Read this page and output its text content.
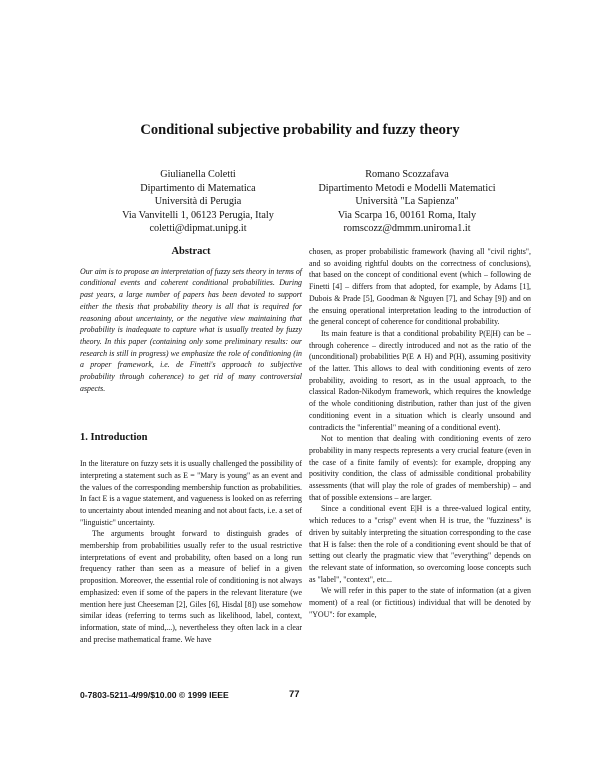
Conditional subjective probability and fuzzy theory
Giulianella Coletti
Dipartimento di Matematica
Università di Perugia
Via Vanvitelli 1, 06123 Perugia, Italy
coletti@dipmat.unipg.it
Romano Scozzafava
Dipartimento Metodi e Modelli Matematici
Università "La Sapienza"
Via Scarpa 16, 00161 Roma, Italy
romscozz@dmmm.uniroma1.it
Abstract

Our aim is to propose an interpretation of fuzzy sets theory in terms of conditional events and coherent conditional probabilities. During past years, a large number of papers has been devoted to support either the thesis that probability theory is all that is required for reasoning about uncertainty, or the negative view maintaining that probability is inadequate to capture what is usually treated by fuzzy theory. In this paper (containing only some preliminary results: our research is still in progress) we emphasize the role of conditioning (in a proper framework, i.e. de Finetti's approach to subjective probability through coherence) to get rid of many controversial aspects.

1. Introduction

In the literature on fuzzy sets it is usually challenged the possibility of interpreting a statement such as E = "Mary is young" as an event and the values of the corresponding membership function as probabilities. In fact E is a vague statement, and vagueness is looked on as referring to uncertainty about intended meaning and not about facts, i.e. a set of "linguistic" uncertainty.

The arguments brought forward to distinguish grades of membership from probabilities usually refer to the usual restrictive interpretations of event and probability, often based on a long run frequency rather than seen as a measure of belief in a given proposition. Moreover, the essential role of conditioning is not always emphasized: even if some of the papers in the relevant literature (we mention here just Cheeseman [2], Giles [6], Hisdal [8]) use somehow similar ideas (referring to terms such as likelihood, label, context, information, state of mind,...), nevertheless they often lack in a clear and precise mathematical frame. We have

chosen, as proper probabilistic framework (having all "civil rights", and so avoiding rightful doubts on the correctness of conclusions), that based on the concept of conditional event (which – following de Finetti [4] – differs from that adopted, for example, by Adams [1], Dubois & Prade [5], Goodman & Nguyen [7], and Schay [9]) and on the ensuing operational interpretation leading to the introduction of the general concept of coherence for conditional probability.

Its main feature is that a conditional probability P(E|H) can be – through coherence – directly introduced and not as the ratio of the (unconditional) probabilities P(E ∧ H) and P(H), assuming positivity of the latter. This allows to deal with conditioning events of zero probability, avoiding to resort, as in the usual approach, to the classical Radon-Nikodym framework, which requires the knowledge of the whole conditioning distribution, rather than just of the given conditioning event in a situation which is clearly unsound and contradicts the "inferential" meaning of a conditional event).

Not to mention that dealing with conditioning events of zero probability in many respects represents a very crucial feature (even in the case of a finite family of events): for example, dropping any positivity condition, the class of admissible conditional probability assessments (that will play the role of grades of membership) – and that of possible extensions – are larger.

Since a conditional event E|H is a three-valued logical entity, which reduces to a "crisp" event when H is true, the "fuzziness" is driven by suitably interpreting the situation corresponding to the case that H is false: then the role of a conditioning event should be that of setting out clearly the pragmatic view that "everything" depends on the relevant state of information, so overcoming loose concepts such as "label", "context", etc...

We will refer in this paper to the state of information (at a given moment) of a real (or fictitious) individual that will be denoted by "YOU": for example,

0-7803-5211-4/99/$10.00 © 1999 IEEE	77
